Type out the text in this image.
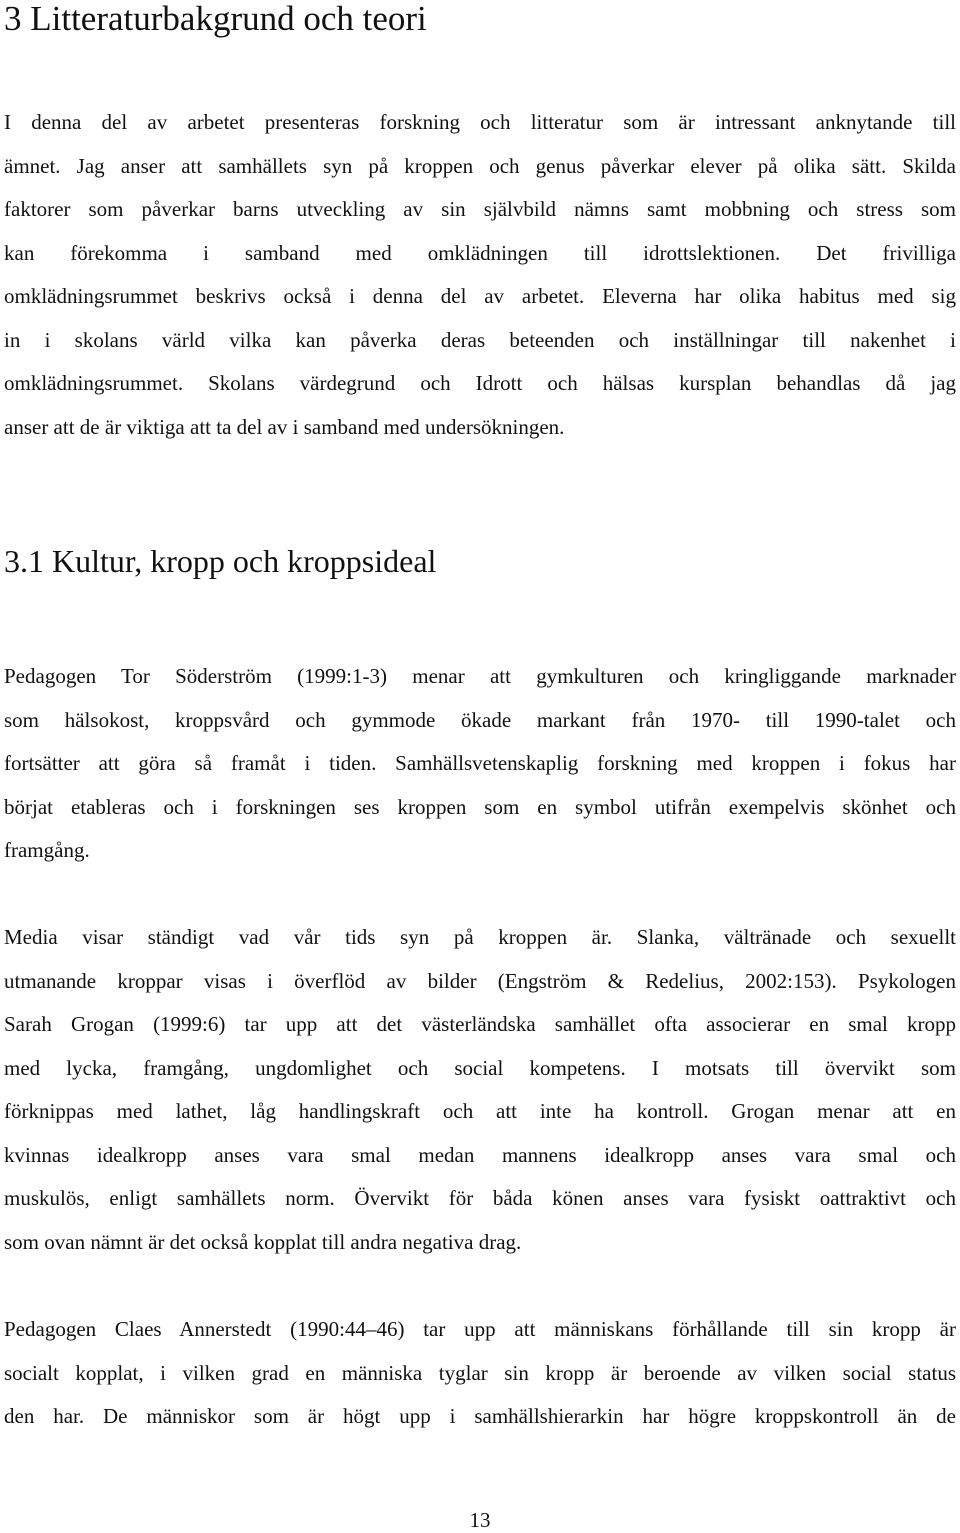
3 Litteraturbakgrund och teori

I denna del av arbetet presenteras forskning och litteratur som är intressant anknytande till
ämnet. Jag anser att samhällets syn på kroppen och genus påverkar elever på olika sätt. Skilda
faktorer som påverkar barns utveckling av sin självbild nämns samt mobbning och stress som
kan förekomma i samband med omklädningen till idrottslektionen. Det frivilliga
omklädningsrummet beskrivs också i denna del av arbetet. Eleverna har olika habitus med sig
in i skolans värld vilka kan påverka deras beteenden och inställningar till nakenhet i
omklädningsrummet. Skolans värdegrund och Idrott och hälsas kursplan behandlas då jag
anser att de är viktiga att ta del av i samband med undersökningen.

3.1 Kultur, kropp och kroppsideal

Pedagogen Tor Söderström (1999:1-3) menar att gymkulturen och kringliggande marknader
som hälsokost, kroppsvård och gymmode ökade markant från 1970- till 1990-talet och
fortsätter att göra så framåt i tiden. Samhällsvetenskaplig forskning med kroppen i fokus har
börjat etableras och i forskningen ses kroppen som en symbol utifrån exempelvis skönhet och
framgång.

Media visar ständigt vad vår tids syn på kroppen är. Slanka, vältränade och sexuellt
utmanande kroppar visas i överflöd av bilder (Engström & Redelius, 2002:153). Psykologen
Sarah Grogan (1999:6) tar upp att det västerländska samhället ofta associerar en smal kropp
med lycka, framgång, ungdomlighet och social kompetens. I motsats till övervikt som
förknippas med lathet, låg handlingskraft och att inte ha kontroll. Grogan menar att en
kvinnas idealkropp anses vara smal medan mannens idealkropp anses vara smal och
muskulös, enligt samhällets norm. Övervikt för båda könen anses vara fysiskt oattraktivt och
som ovan nämnt är det också kopplat till andra negativa drag.

Pedagogen Claes Annerstedt (1990:44–46) tar upp att människans förhållande till sin kropp är
socialt kopplat, i vilken grad en människa tyglar sin kropp är beroende av vilken social status
den har. De människor som är högt upp i samhällshierarkin har högre kroppskontroll än de

13
